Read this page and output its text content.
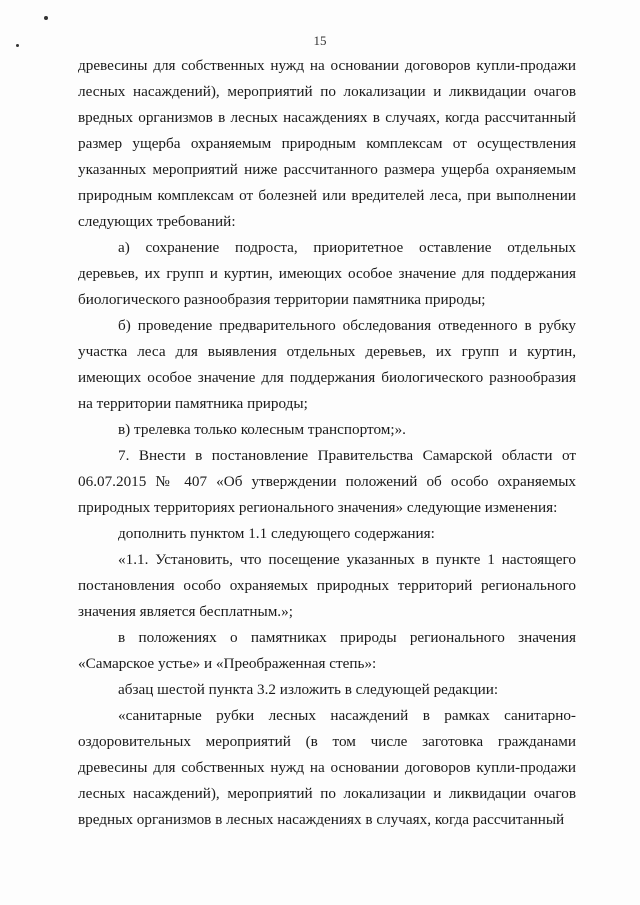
15

древесины для собственных нужд на основании договоров купли-продажи лесных насаждений), мероприятий по локализации и ликвидации очагов вредных организмов в лесных насаждениях в случаях, когда рассчитанный размер ущерба охраняемым природным комплексам от осуществления указанных мероприятий ниже рассчитанного размера ущерба охраняемым природным комплексам от болезней или вредителей леса, при выполнении следующих требований:

а) сохранение подроста, приоритетное оставление отдельных деревьев, их групп и куртин, имеющих особое значение для поддержания биологического разнообразия территории памятника природы;

б) проведение предварительного обследования отведенного в рубку участка леса для выявления отдельных деревьев, их групп и куртин, имеющих особое значение для поддержания биологического разнообразия на территории памятника природы;

в) трелевка только колесным транспортом;».

7. Внести в постановление Правительства Самарской области от 06.07.2015 № 407 «Об утверждении положений об особо охраняемых природных территориях регионального значения» следующие изменения:

дополнить пунктом 1.1 следующего содержания:

«1.1. Установить, что посещение указанных в пункте 1 настоящего постановления особо охраняемых природных территорий регионального значения является бесплатным.»;

в положениях о памятниках природы регионального значения «Самарское устье» и «Преображенная степь»:

абзац шестой пункта 3.2 изложить в следующей редакции:

«санитарные рубки лесных насаждений в рамках санитарно-оздоровительных мероприятий (в том числе заготовка гражданами древесины для собственных нужд на основании договоров купли-продажи лесных насаждений), мероприятий по локализации и ликвидации очагов вредных организмов в лесных насаждениях в случаях, когда рассчитанный
